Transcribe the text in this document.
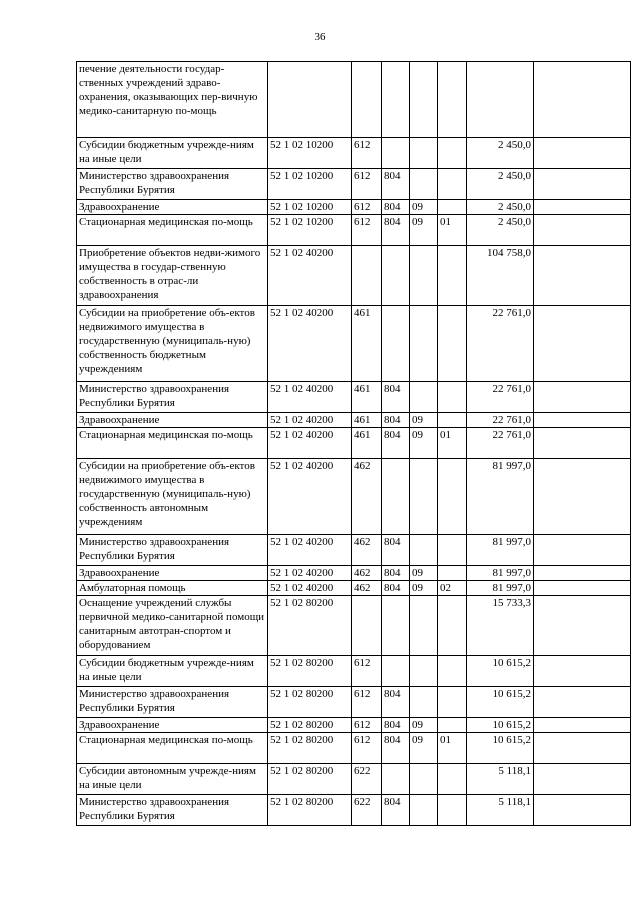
36
печение деятельности государ-ственных учреждений здраво-охранения, оказывающих пер-вичную медико-санитарную по-мощь							
Субсидии бюджетным учрежде-ниям на иные цели	52 1 02 10200	612				2 450,0	
Министерство здравоохранения Республики Бурятия	52 1 02 10200	612	804			2 450,0	
Здравоохранение	52 1 02 10200	612	804	09		2 450,0	
Стационарная медицинская по-мощь	52 1 02 10200	612	804	09	01	2 450,0	
Приобретение объектов недви-жимого имущества в государ-ственную собственность в отрас-ли здравоохранения	52 1 02 40200					104 758,0	
Субсидии на приобретение объ-ектов недвижимого имущества в государственную (муниципаль-ную) собственность бюджетным учреждениям	52 1 02 40200	461				22 761,0	
Министерство здравоохранения Республики Бурятия	52 1 02 40200	461	804			22 761,0	
Здравоохранение	52 1 02 40200	461	804	09		22 761,0	
Стационарная медицинская по-мощь	52 1 02 40200	461	804	09	01	22 761,0	
Субсидии на приобретение объ-ектов недвижимого имущества в государственную (муниципаль-ную) собственность автономным учреждениям	52 1 02 40200	462				81 997,0	
Министерство здравоохранения Республики Бурятия	52 1 02 40200	462	804			81 997,0	
Здравоохранение	52 1 02 40200	462	804	09		81 997,0	
Амбулаторная помощь	52 1 02 40200	462	804	09	02	81 997,0	
Оснащение учреждений службы первичной медико-санитарной помощи санитарным автотран-спортом и оборудованием	52 1 02 80200					15 733,3	
Субсидии бюджетным учрежде-ниям на иные цели	52 1 02 80200	612				10 615,2	
Министерство здравоохранения Республики Бурятия	52 1 02 80200	612	804			10 615,2	
Здравоохранение	52 1 02 80200	612	804	09		10 615,2	
Стационарная медицинская по-мощь	52 1 02 80200	612	804	09	01	10 615,2	
Субсидии автономным учрежде-ниям на иные цели	52 1 02 80200	622				5 118,1	
Министерство здравоохранения Республики Бурятия	52 1 02 80200	622	804			5 118,1	
